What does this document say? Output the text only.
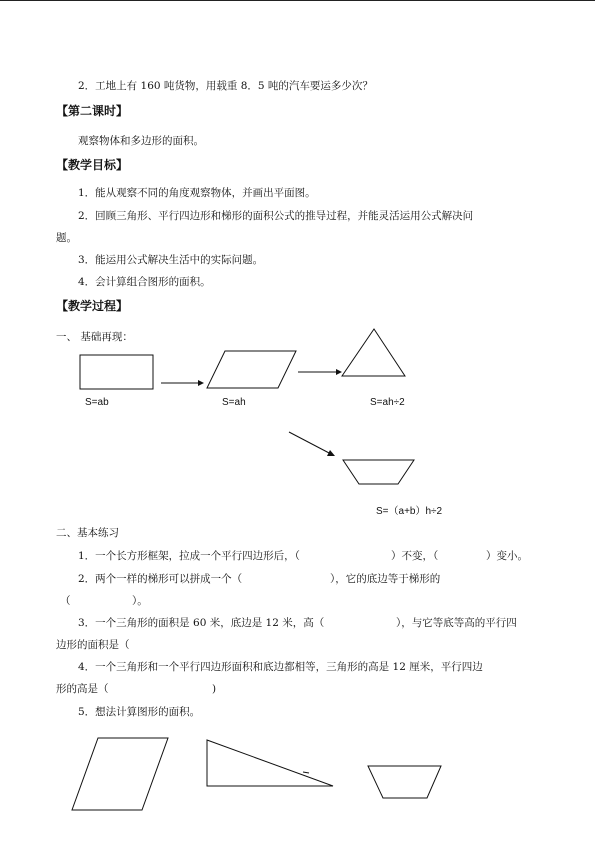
2．工地上有 160 吨货物，用载重 8．5 吨的汽车要运多少次？
【第二课时】
观察物体和多边形的面积。
【教学目标】
1．能从观察不同的角度观察物体，并画出平面图。
2．回顾三角形、平行四边形和梯形的面积公式的推导过程，并能灵活运用公式解决问
题。
3．能运用公式解决生活中的实际问题。
4．会计算组合图形的面积。
【教学过程】
一、 基础再现：
S=ab	S=ah	S=ah÷2
S=（a+b）h÷2
二、基本练习
1．一个长方形框架，拉成一个平行四边形后，（	）不变，（	）变小。
2．两个一样的梯形可以拼成一个（	），它的底边等于梯形的
（	）。
3．一个三角形的面积是 60 米，底边是 12 米，高（	），与它等底等高的平行四
边形的面积是（
4．一个三角形和一个平行四边形面积和底边都相等，三角形的高是 12 厘米，平行四边
形的高是（	)
5．想法计算图形的面积。
